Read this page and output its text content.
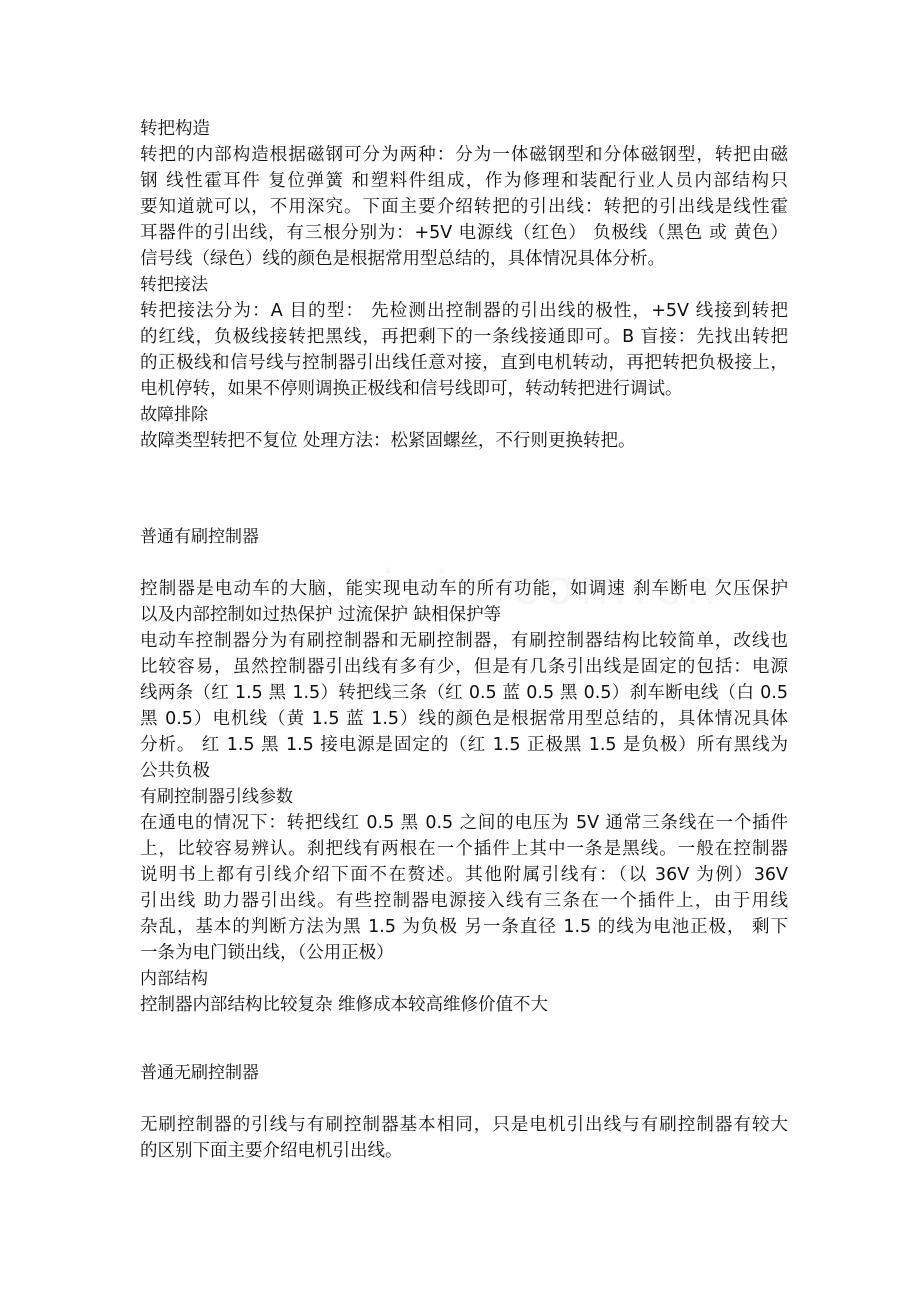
转把构造
转把的内部构造根据磁钢可分为两种：分为一体磁钢型和分体磁钢型，转把由磁
钢 线性霍耳件 复位弹簧 和塑料件组成，作为修理和装配行业人员内部结构只
要知道就可以，不用深究。下面主要介绍转把的引出线：转把的引出线是线性霍
耳器件的引出线，有三根分别为：+5V 电源线（红色） 负极线（黑色 或 黄色）
信号线（绿色）线的颜色是根据常用型总结的，具体情况具体分析。
转把接法
转把接法分为：A 目的型： 先检测出控制器的引出线的极性，+5V 线接到转把
的红线，负极线接转把黑线，再把剩下的一条线接通即可。B 盲接：先找出转把
的正极线和信号线与控制器引出线任意对接，直到电机转动，再把转把负极接上，
电机停转，如果不停则调换正极线和信号线即可，转动转把进行调试。
故障排除
故障类型转把不复位 处理方法：松紧固螺丝，不行则更换转把。
普通有刷控制器
控制器是电动车的大脑，能实现电动车的所有功能，如调速 刹车断电 欠压保护
以及内部控制如过热保护 过流保护 缺相保护等
电动车控制器分为有刷控制器和无刷控制器，有刷控制器结构比较简单，改线也
比较容易，虽然控制器引出线有多有少，但是有几条引出线是固定的包括：电源
线两条（红 1.5 黑 1.5）转把线三条（红 0.5 蓝 0.5 黑 0.5）刹车断电线（白 0.5
黑 0.5）电机线（黄 1.5 蓝 1.5）线的颜色是根据常用型总结的，具体情况具体
分析。 红 1.5 黑 1.5 接电源是固定的（红 1.5 正极黑 1.5 是负极）所有黑线为
公共负极
有刷控制器引线参数
在通电的情况下：转把线红 0.5 黑 0.5 之间的电压为 5V 通常三条线在一个插件
上，比较容易辨认。刹把线有两根在一个插件上其中一条是黑线。一般在控制器
说明书上都有引线介绍下面不在赘述。其他附属引线有：（以 36V 为例）36V
引出线 助力器引出线。有些控制器电源接入线有三条在一个插件上，由于用线
杂乱，基本的判断方法为黑 1.5 为负极 另一条直径 1.5 的线为电池正极， 剩下
一条为电门锁出线，（公用正极）
内部结构
控制器内部结构比较复杂 维修成本较高维修价值不大
普通无刷控制器
无刷控制器的引线与有刷控制器基本相同，只是电机引出线与有刷控制器有较大
的区别下面主要介绍电机引出线。
